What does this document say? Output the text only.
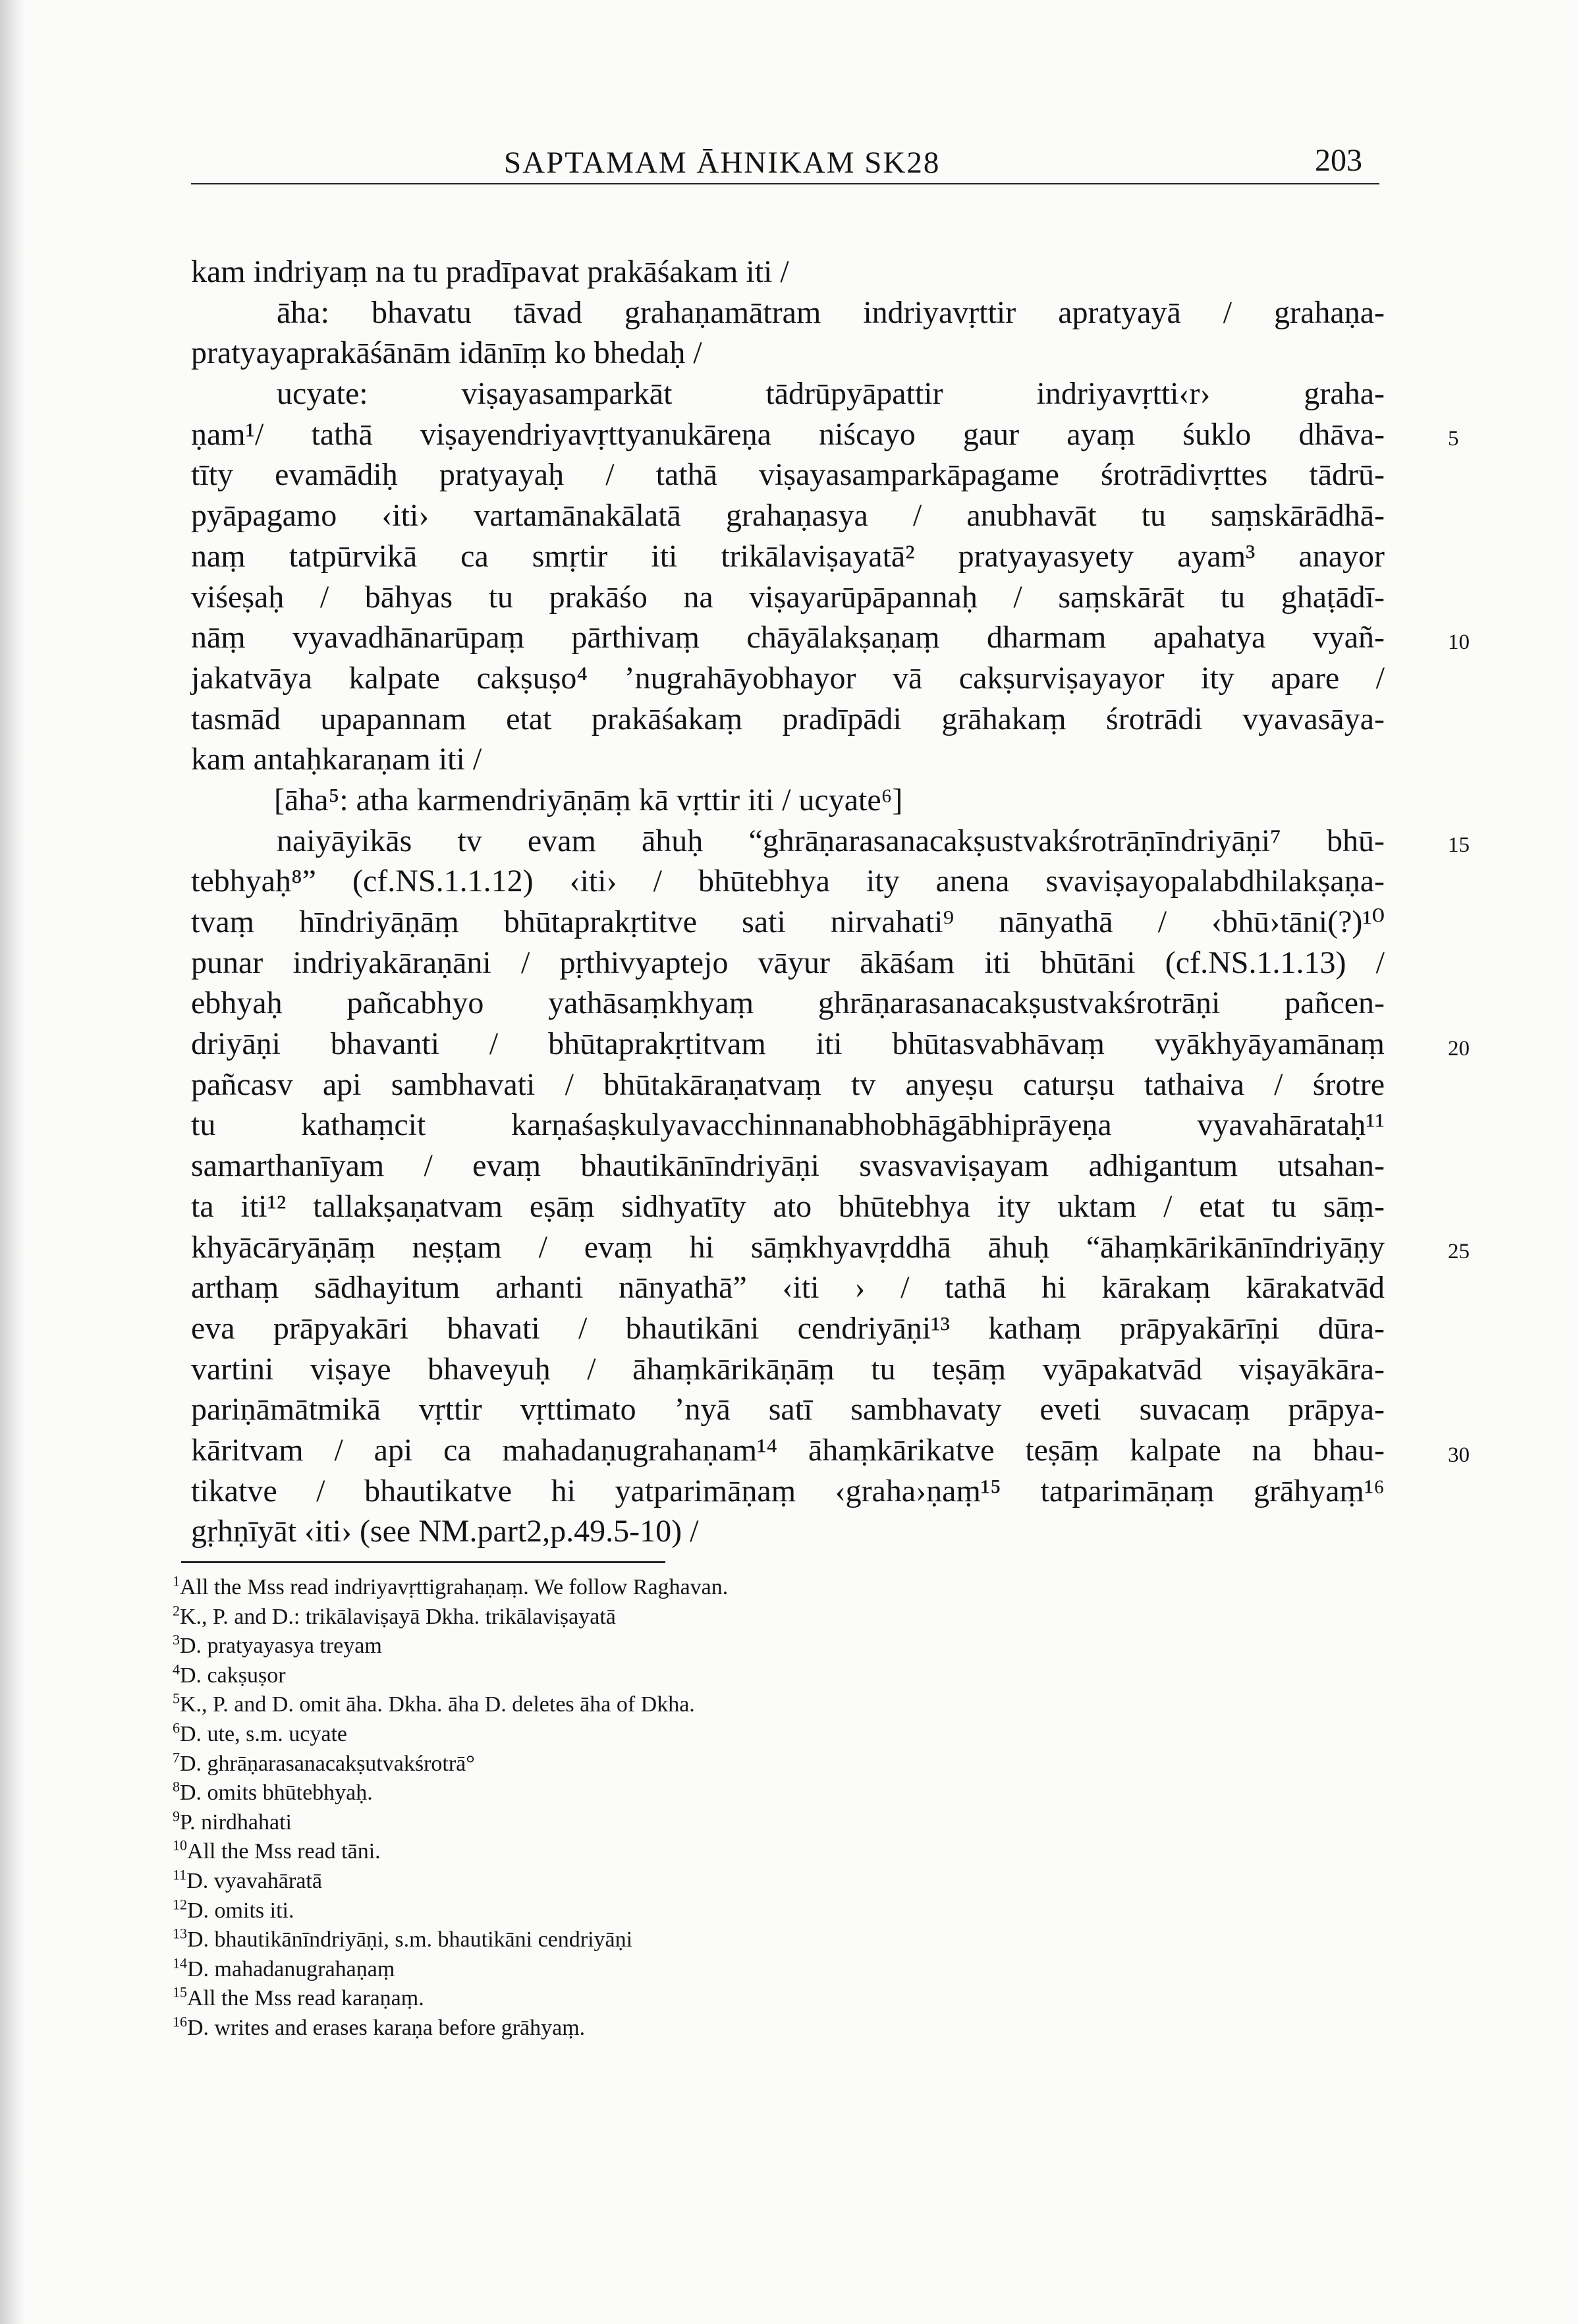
SAPTAMAM ĀHNIKAM SK28	203
kam indriyaṃ na tu pradīpavat prakāśakam iti /
āha: bhavatu tāvad grahaṇamātram indriyavṛttir apratyayā / grahaṇa-
pratyayaprakāśānām idānīṃ ko bhedaḥ /
ucyate: viṣayasamparkāt tādrūpyāpattir indriyavṛtti‹r› graha-
ṇam¹/ tathā viṣayendriyavṛttyanukāreṇa niścayo gaur ayaṃ śuklo dhāva-
tīty evamādiḥ pratyayaḥ / tathā viṣayasamparkāpagame śrotrādivṛttes tādrū-
pyāpagamo ‹iti› vartamānakālatā grahaṇasya / anubhavāt tu saṃskārādhā-
naṃ tatpūrvikā ca smṛtir iti trikālaviṣayatā² pratyayasyety ayam³ anayor
viśeṣaḥ / bāhyas tu prakāśo na viṣayarūpāpannaḥ / saṃskārāt tu ghaṭādī-
nāṃ vyavadhānarūpaṃ pārthivaṃ chāyālakṣaṇaṃ dharmam apahatya vyañ-
jakatvāya kalpate cakṣuṣo⁴ ’nugrahāyobhayor vā cakṣurviṣayayor ity apare /
tasmād upapannam etat prakāśakaṃ pradīpādi grāhakaṃ śrotrādi vyavasāya-
kam antaḥkaraṇam iti /
[āha⁵: atha karmendriyāṇāṃ kā vṛttir iti / ucyate⁶]
naiyāyikās tv evam āhuḥ “ghrāṇarasanacakṣustvakśrotrāṇīndriyāṇi⁷ bhū-
tebhyaḥ⁸” (cf.NS.1.1.12) ‹iti› / bhūtebhya ity anena svaviṣayopalabdhilakṣaṇa-
tvaṃ hīndriyāṇāṃ bhūtaprakṛtitve sati nirvahati⁹ nānyathā / ‹bhū›tāni(?)¹⁰
punar indriyakāraṇāni / pṛthivyaptejo vāyur ākāśam iti bhūtāni (cf.NS.1.1.13) /
ebhyaḥ pañcabhyo yathāsaṃkhyaṃ ghrāṇarasanacakṣustvakśrotrāṇi pañcen-
driyāṇi bhavanti / bhūtaprakṛtitvam iti bhūtasvabhāvaṃ vyākhyāyamānaṃ
pañcasv api sambhavati / bhūtakāraṇatvaṃ tv anyeṣu caturṣu tathaiva / śrotre
tu kathaṃcit karṇaśaṣkulyavacchinnanabhobhāgābhiprāyeṇa vyavahārataḥ¹¹
samarthanīyam / evaṃ bhautikānīndriyāṇi svasvaviṣayam adhigantum utsahan-
ta iti¹² tallakṣaṇatvam eṣāṃ sidhyatīty ato bhūtebhya ity uktam / etat tu sāṃ-
khyācāryāṇāṃ neṣṭam / evaṃ hi sāṃkhyavṛddhā āhuḥ “āhaṃkārikānīndriyāṇy
arthaṃ sādhayitum arhanti nānyathā” ‹iti › / tathā hi kārakaṃ kārakatvād
eva prāpyakāri bhavati / bhautikāni cendriyāṇi¹³ kathaṃ prāpyakārīṇi dūra-
vartini viṣaye bhaveyuḥ / āhaṃkārikāṇāṃ tu teṣāṃ vyāpakatvād viṣayākāra-
pariṇāmātmikā vṛttir vṛttimato ’nyā satī sambhavaty eveti suvacaṃ prāpya-
kāritvam / api ca mahadaṇugrahaṇam¹⁴ āhaṃkārikatve teṣāṃ kalpate na bhau-
tikatve / bhautikatve hi yatparimāṇaṃ ‹graha›ṇaṃ¹⁵ tatparimāṇaṃ grāhyaṃ¹⁶
gṛhṇīyāt ‹iti› (see NM.part2,p.49.5-10) /
5
10
15
20
25
30
$^1$All the Mss read indriyavṛttigrahaṇaṃ. We follow Raghavan.
$^2$K., P. and D.: trikālaviṣayā Dkha. trikālaviṣayatā
$^3$D. pratyayasya treyam
$^4$D. cakṣuṣor
$^5$K., P. and D. omit āha. Dkha. āha D. deletes āha of Dkha.
$^6$D. ute, s.m. ucyate
$^7$D. ghrāṇarasanacakṣutvakśrotrā°
$^8$D. omits bhūtebhyaḥ.
$^9$P. nirdhahati
$^{10}$All the Mss read tāni.
$^{11}$D. vyavahāratā
$^{12}$D. omits iti.
$^{13}$D. bhautikānīndriyāṇi, s.m. bhautikāni cendriyāṇi
$^{14}$D. mahadanugrahaṇaṃ
$^{15}$All the Mss read karaṇaṃ.
$^{16}$D. writes and erases karaṇa before grāhyaṃ.
